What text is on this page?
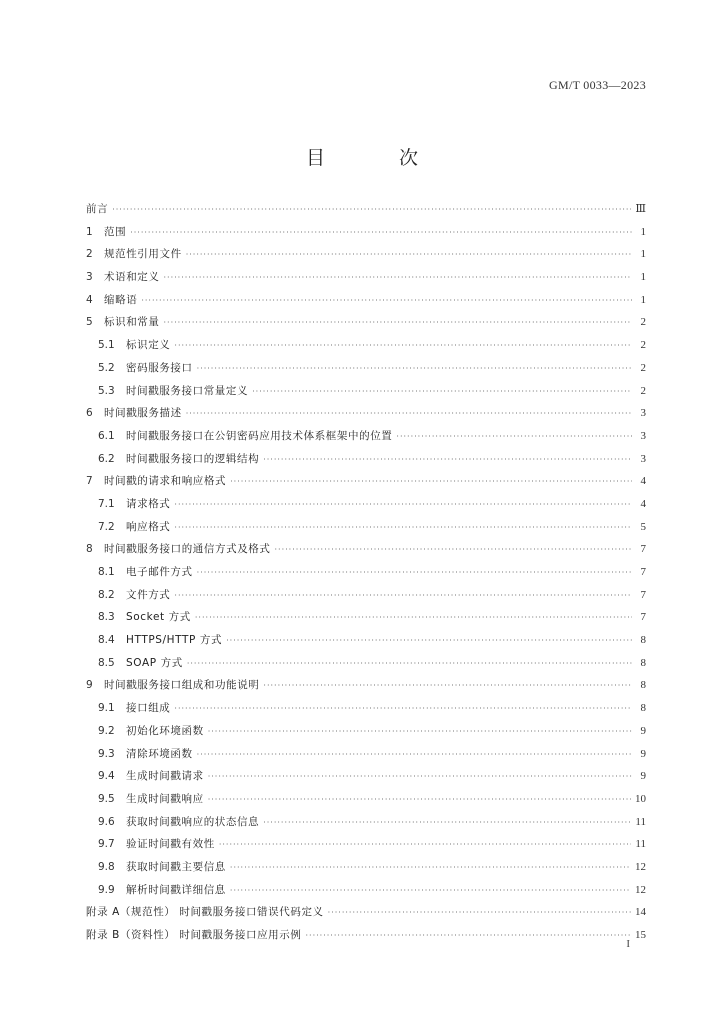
GM/T 0033—2023
目 次
前言 ·····	Ⅲ
1	范围 ·····	1
2	规范性引用文件 ·····	1
3	术语和定义 ·····	1
4	缩略语 ·····	1
5	标识和常量 ·····	2
5.1	标识定义 ·····	2
5.2	密码服务接口 ·····	2
5.3	时间戳服务接口常量定义 ·····	2
6	时间戳服务描述 ·····	3
6.1	时间戳服务接口在公钥密码应用技术体系框架中的位置 ·····	3
6.2	时间戳服务接口的逻辑结构 ·····	3
7	时间戳的请求和响应格式 ·····	4
7.1	请求格式 ·····	4
7.2	响应格式 ·····	5
8	时间戳服务接口的通信方式及格式 ·····	7
8.1	电子邮件方式 ·····	7
8.2	文件方式 ·····	7
8.3	Socket 方式 ·····	7
8.4	HTTPS/HTTP 方式 ·····	8
8.5	SOAP 方式 ·····	8
9	时间戳服务接口组成和功能说明 ·····	8
9.1	接口组成 ·····	8
9.2	初始化环境函数 ·····	9
9.3	清除环境函数 ·····	9
9.4	生成时间戳请求 ·····	9
9.5	生成时间戳响应 ·····	10
9.6	获取时间戳响应的状态信息 ·····	11
9.7	验证时间戳有效性 ·····	11
9.8	获取时间戳主要信息 ·····	12
9.9	解析时间戳详细信息 ·····	12
附录 A（规范性） 时间戳服务接口错误代码定义 ·····	14
附录 B（资料性） 时间戳服务接口应用示例 ·····	15
I
